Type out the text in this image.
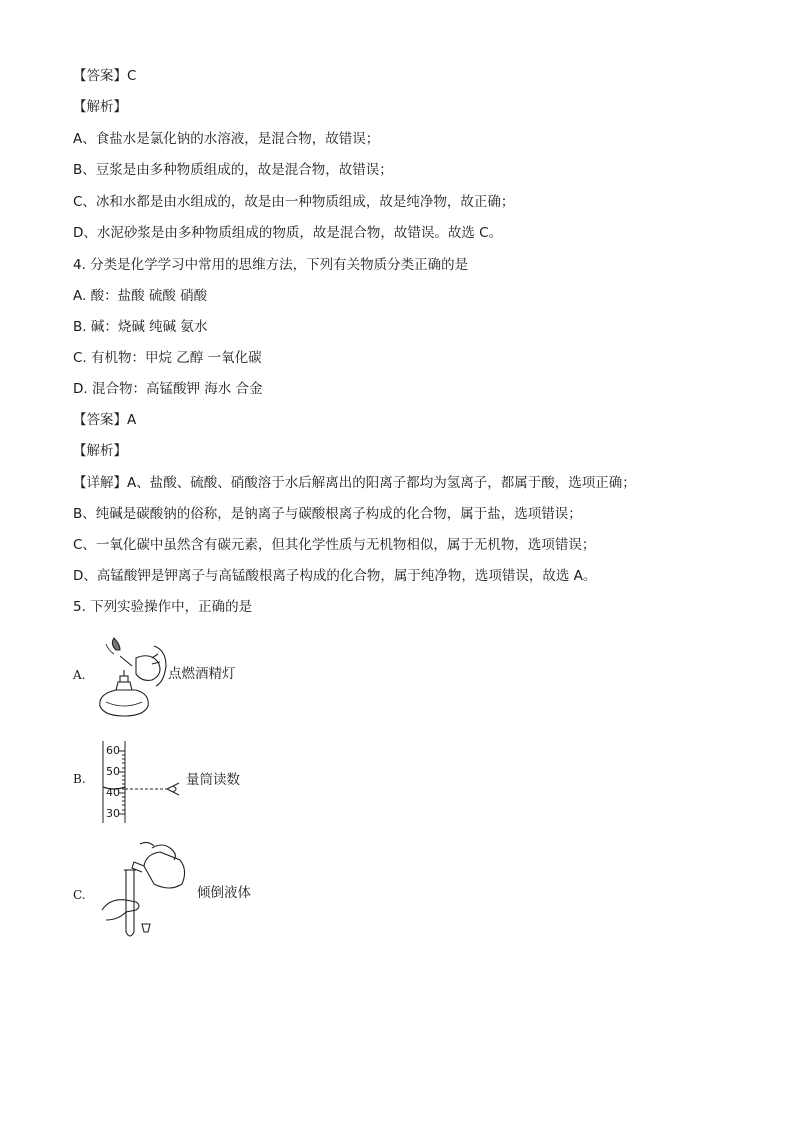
【答案】C
【解析】
A、食盐水是氯化钠的水溶液，是混合物，故错误；
B、豆浆是由多种物质组成的，故是混合物，故错误；
C、冰和水都是由水组成的，故是由一种物质组成，故是纯净物，故正确；
D、水泥砂浆是由多种物质组成的物质，故是混合物，故错误。故选 C。
4. 分类是化学学习中常用的思维方法，下列有关物质分类正确的是
A. 酸：盐酸 硫酸 硝酸
B. 碱：烧碱 纯碱 氨水
C. 有机物：甲烷 乙醇 一氧化碳
D. 混合物：高锰酸钾 海水 合金
【答案】A
【解析】
【详解】A、盐酸、硫酸、硝酸溶于水后解离出的阳离子都均为氢离子，都属于酸，选项正确；
B、纯碱是碳酸钠的俗称，是钠离子与碳酸根离子构成的化合物，属于盐，选项错误；
C、一氧化碳中虽然含有碳元素，但其化学性质与无机物相似，属于无机物，选项错误；
D、高锰酸钾是钾离子与高锰酸根离子构成的化合物，属于纯净物，选项错误，故选 A。
5. 下列实验操作中，正确的是
A.	点燃酒精灯
B.
60
50
40
30
量筒读数
C.	倾倒液体
